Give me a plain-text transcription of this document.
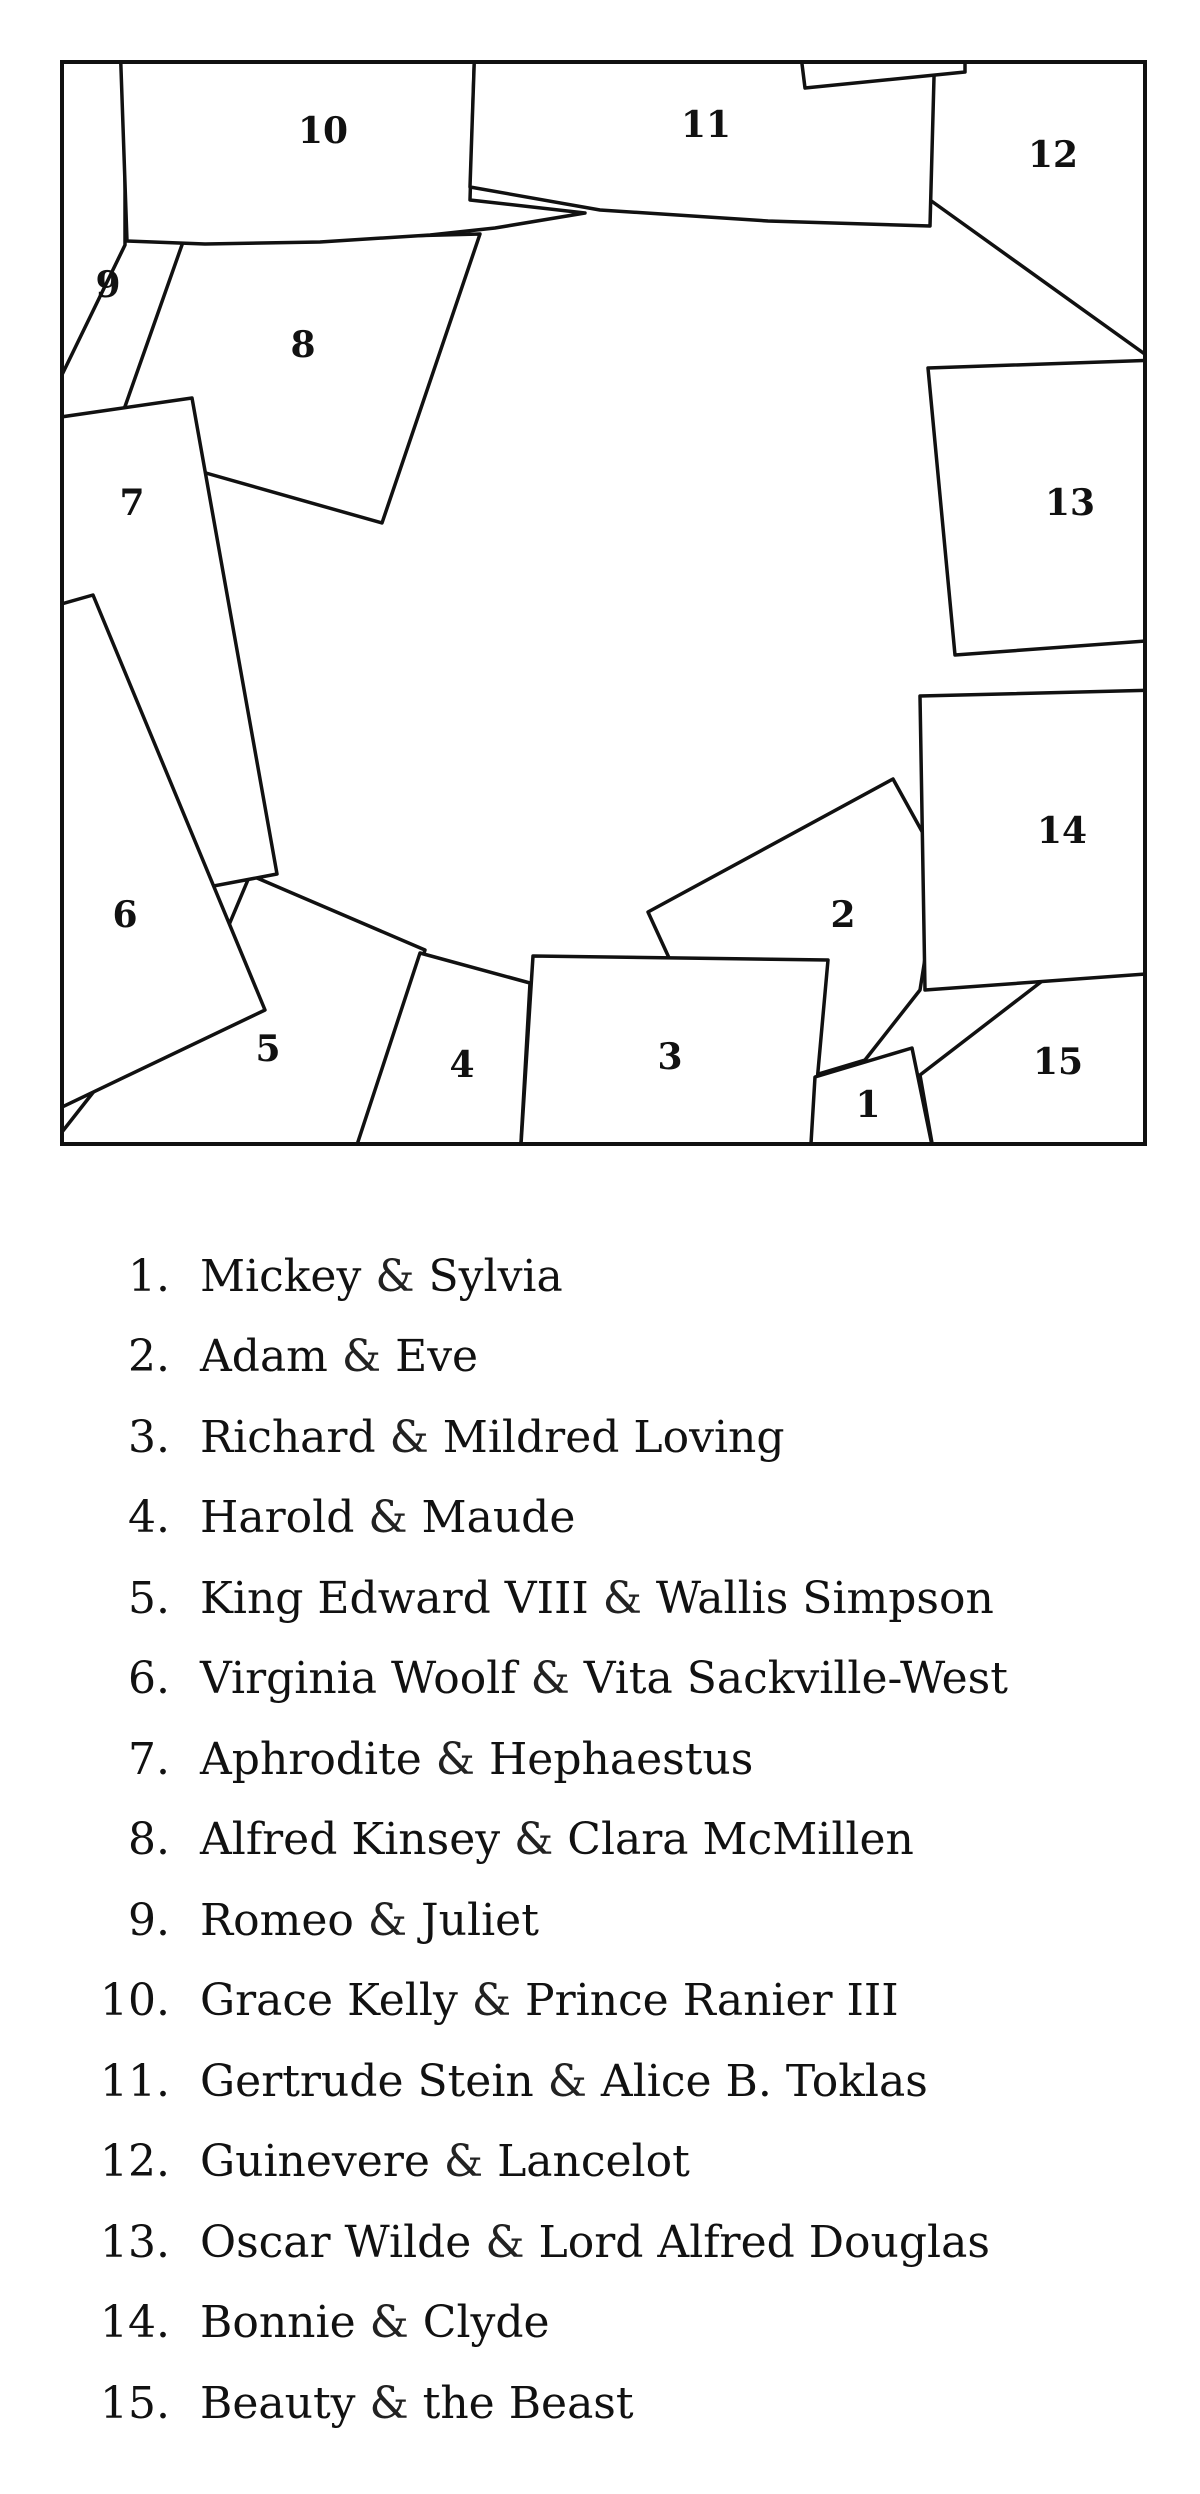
1
2
3
4
5
6
7
8
9
10	11
12
13
14
15
1. Mickey & Sylvia
2. Adam & Eve
3. Richard & Mildred Loving
4. Harold & Maude
5. King Edward VIII & Wallis Simpson
6. Virginia Woolf & Vita Sackville-West
7. Aphrodite & Hephaestus
8. Alfred Kinsey & Clara McMillen
9. Romeo & Juliet
10. Grace Kelly & Prince Ranier III
11. Gertrude Stein & Alice B. Toklas
12. Guinevere & Lancelot
13. Oscar Wilde & Lord Alfred Douglas
14. Bonnie & Clyde
15. Beauty & the Beast
